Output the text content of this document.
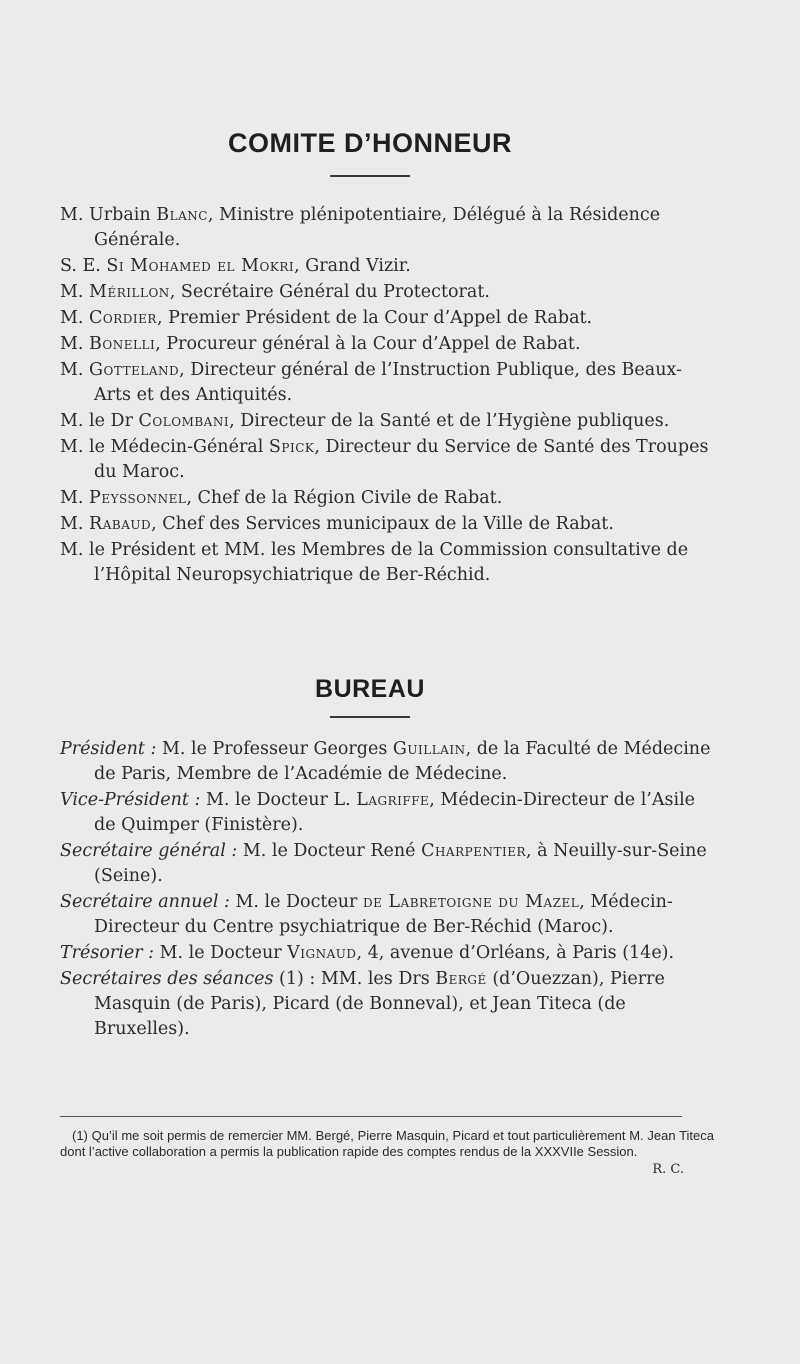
COMITE D’HONNEUR

M. Urbain Blanc, Ministre plénipotentiaire, Délégué à la Résidence Générale.

S. E. Si Mohamed el Mokri, Grand Vizir.

M. Mérillon, Secrétaire Général du Protectorat.

M. Cordier, Premier Président de la Cour d’Appel de Rabat.

M. Bonelli, Procureur général à la Cour d’Appel de Rabat.

M. Gotteland, Directeur général de l’Instruction Publique, des Beaux-Arts et des Antiquités.

M. le Dr Colombani, Directeur de la Santé et de l’Hygiène publiques.

M. le Médecin-Général Spick, Directeur du Service de Santé des Troupes du Maroc.

M. Peyssonnel, Chef de la Région Civile de Rabat.

M. Rabaud, Chef des Services municipaux de la Ville de Rabat.

M. le Président et MM. les Membres de la Commission consultative de l’Hôpital Neuropsychiatrique de Ber-Réchid.

BUREAU

Président : M. le Professeur Georges Guillain, de la Faculté de Médecine de Paris, Membre de l’Académie de Médecine.

Vice-Président : M. le Docteur L. Lagriffe, Médecin-Directeur de l’Asile de Quimper (Finistère).

Secrétaire général : M. le Docteur René Charpentier, à Neuilly-sur-Seine (Seine).

Secrétaire annuel : M. le Docteur de Labretoigne du Mazel, Médecin-Directeur du Centre psychiatrique de Ber-Réchid (Maroc).

Trésorier : M. le Docteur Vignaud, 4, avenue d’Orléans, à Paris (14e).

Secrétaires des séances (1) : MM. les Drs Bergé (d’Ouezzan), Pierre Masquin (de Paris), Picard (de Bonneval), et Jean Titeca (de Bruxelles).

(1) Qu’il me soit permis de remercier MM. Bergé, Pierre Masquin, Picard et tout particulièrement M. Jean Titeca dont l’active collaboration a permis la publication rapide des comptes rendus de la XXXVIIe Session.

R. C.
